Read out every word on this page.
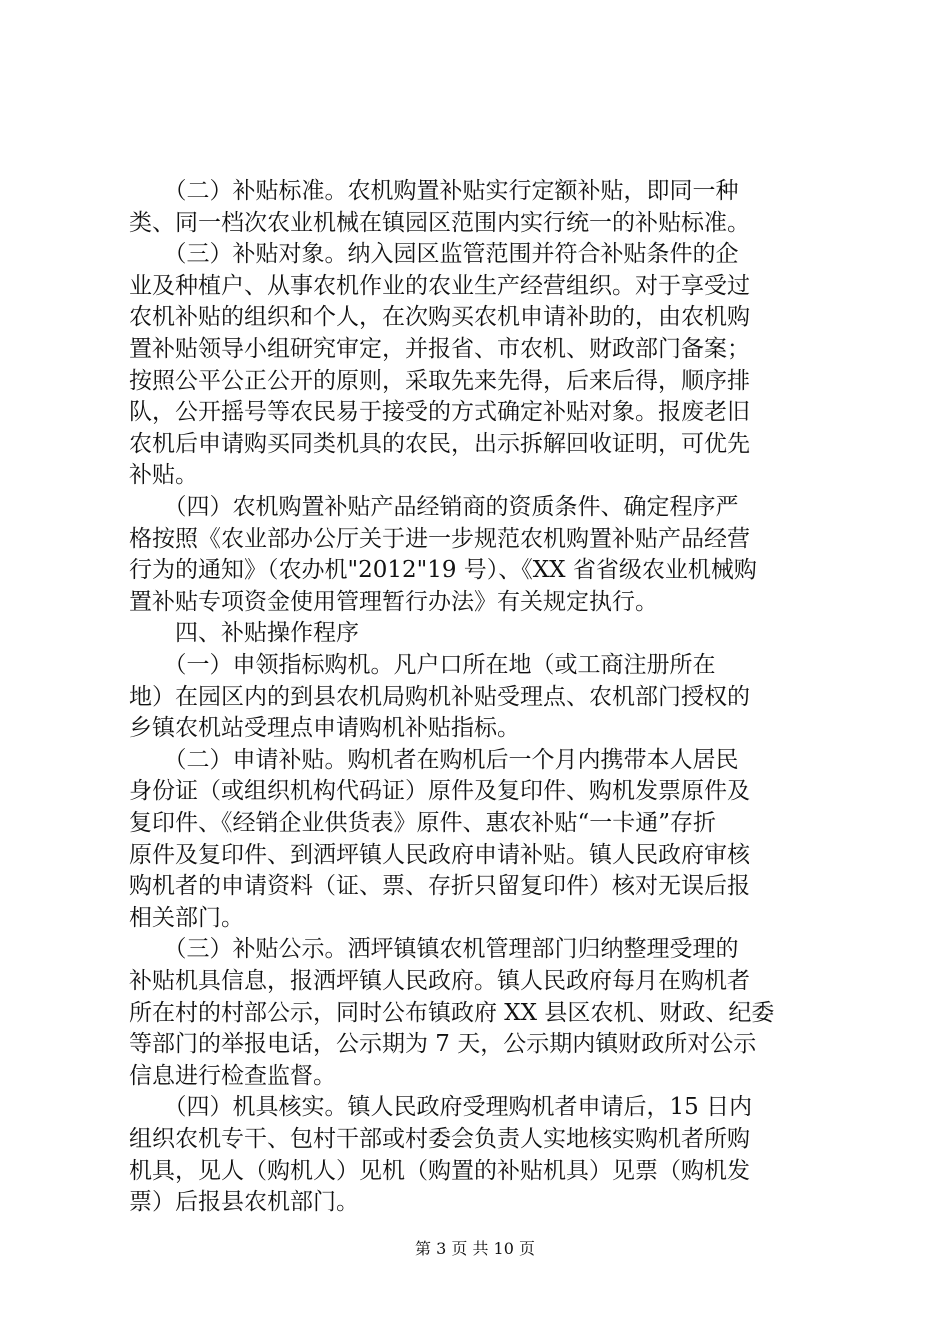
　　（二）补贴标准。农机购置补贴实行定额补贴，即同一种
类、同一档次农业机械在镇园区范围内实行统一的补贴标准。
　　（三）补贴对象。纳入园区监管范围并符合补贴条件的企
业及种植户、从事农机作业的农业生产经营组织。对于享受过
农机补贴的组织和个人，在次购买农机申请补助的，由农机购
置补贴领导小组研究审定，并报省、市农机、财政部门备案；
按照公平公正公开的原则，采取先来先得，后来后得，顺序排
队，公开摇号等农民易于接受的方式确定补贴对象。报废老旧
农机后申请购买同类机具的农民，出示拆解回收证明，可优先
补贴。
　　（四）农机购置补贴产品经销商的资质条件、确定程序严
格按照《农业部办公厅关于进一步规范农机购置补贴产品经营
行为的通知》（农办机"2012"19 号）、《XX 省省级农业机械购
置补贴专项资金使用管理暂行办法》有关规定执行。
　　四、补贴操作程序
　　（一）申领指标购机。凡户口所在地（或工商注册所在
地）在园区内的到县农机局购机补贴受理点、农机部门授权的
乡镇农机站受理点申请购机补贴指标。
　　（二）申请补贴。购机者在购机后一个月内携带本人居民
身份证（或组织机构代码证）原件及复印件、购机发票原件及
复印件、《经销企业供货表》原件、惠农补贴“一卡通”存折
原件及复印件、到洒坪镇人民政府申请补贴。镇人民政府审核
购机者的申请资料（证、票、存折只留复印件）核对无误后报
相关部门。
　　（三）补贴公示。洒坪镇镇农机管理部门归纳整理受理的
补贴机具信息，报洒坪镇人民政府。镇人民政府每月在购机者
所在村的村部公示，同时公布镇政府 XX 县区农机、财政、纪委
等部门的举报电话，公示期为 7 天，公示期内镇财政所对公示
信息进行检查监督。
　　（四）机具核实。镇人民政府受理购机者申请后，15 日内
组织农机专干、包村干部或村委会负责人实地核实购机者所购
机具，见人（购机人）见机（购置的补贴机具）见票（购机发
票）后报县农机部门。
第 3 页 共 10 页
